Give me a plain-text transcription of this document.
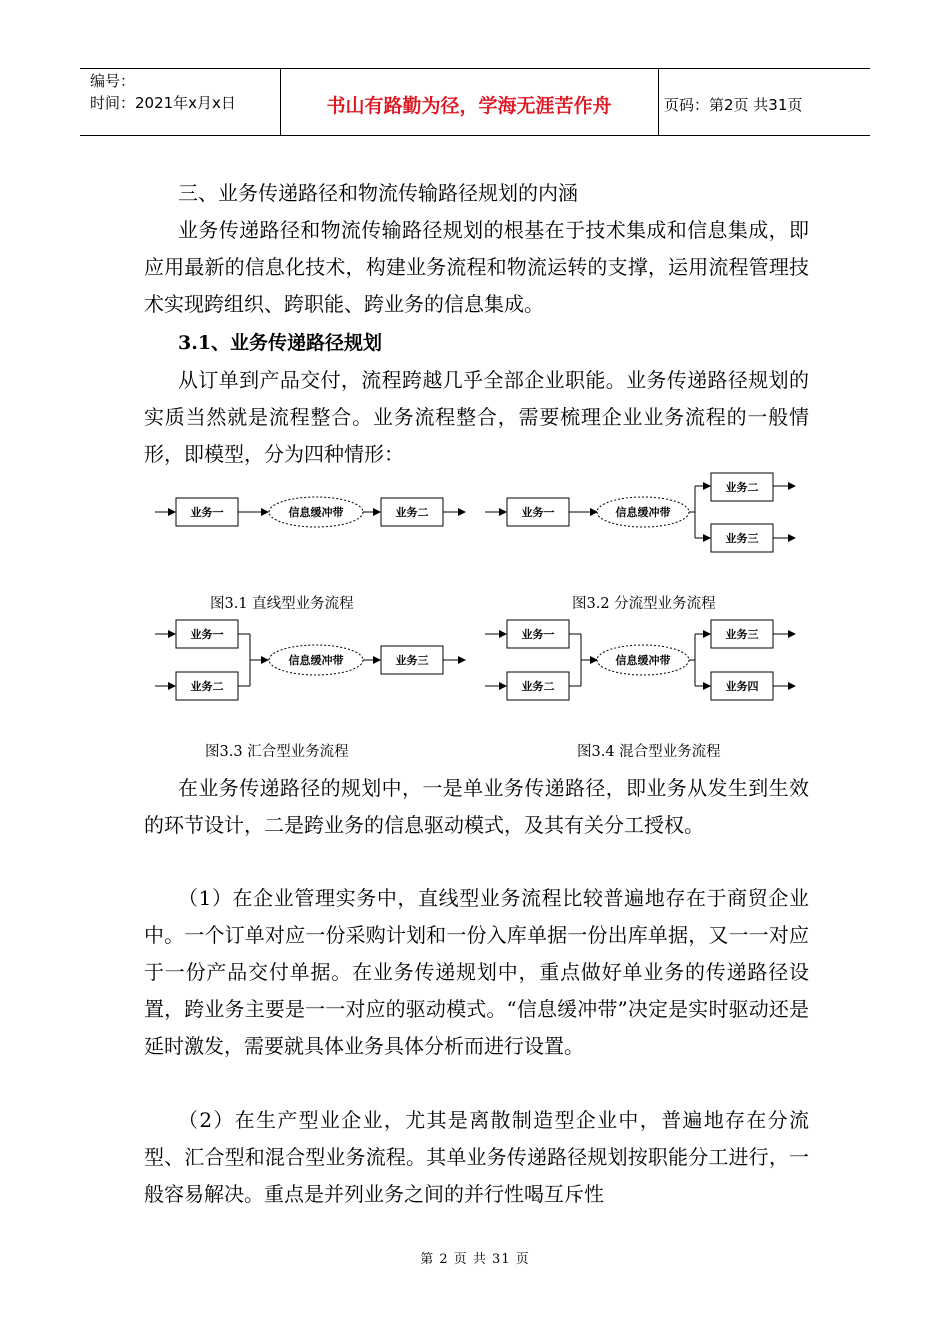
编号：
时间：2021年x月x日	书山有路勤为径，学海无涯苦作舟	页码：第2页 共31页

三、业务传递路径和物流传输路径规划的内涵

业务传递路径和物流传输路径规划的根基在于技术集成和信息集成，即应用最新的信息化技术，构建业务流程和物流运转的支撑，运用流程管理技术实现跨组织、跨职能、跨业务的信息集成。

3.1、业务传递路径规划

从订单到产品交付，流程跨越几乎全部企业职能。业务传递路径规划的实质当然就是流程整合。业务流程整合，需要梳理企业业务流程的一般情形，即模型，分为四种情形：

业务一	信息缓冲带	业务二	业务一	信息缓冲带
业务二
业务三
业务一
业务二
信息缓冲带	业务三
业务一
业务二
信息缓冲带
业务三
业务四
图3.1 直线型业务流程	图3.2 分流型业务流程
图3.3 汇合型业务流程	图3.4 混合型业务流程

在业务传递路径的规划中，一是单业务传递路径，即业务从发生到生效的环节设计，二是跨业务的信息驱动模式，及其有关分工授权。

（1）在企业管理实务中，直线型业务流程比较普遍地存在于商贸企业中。一个订单对应一份采购计划和一份入库单据一份出库单据，又一一对应于一份产品交付单据。在业务传递规划中，重点做好单业务的传递路径设置，跨业务主要是一一对应的驱动模式。“信息缓冲带”决定是实时驱动还是延时激发，需要就具体业务具体分析而进行设置。

（2）在生产型业企业，尤其是离散制造型企业中，普遍地存在分流型、汇合型和混合型业务流程。其单业务传递路径规划按职能分工进行，一般容易解决。重点是并列业务之间的并行性喝互斥性

第 2 页 共 31 页
